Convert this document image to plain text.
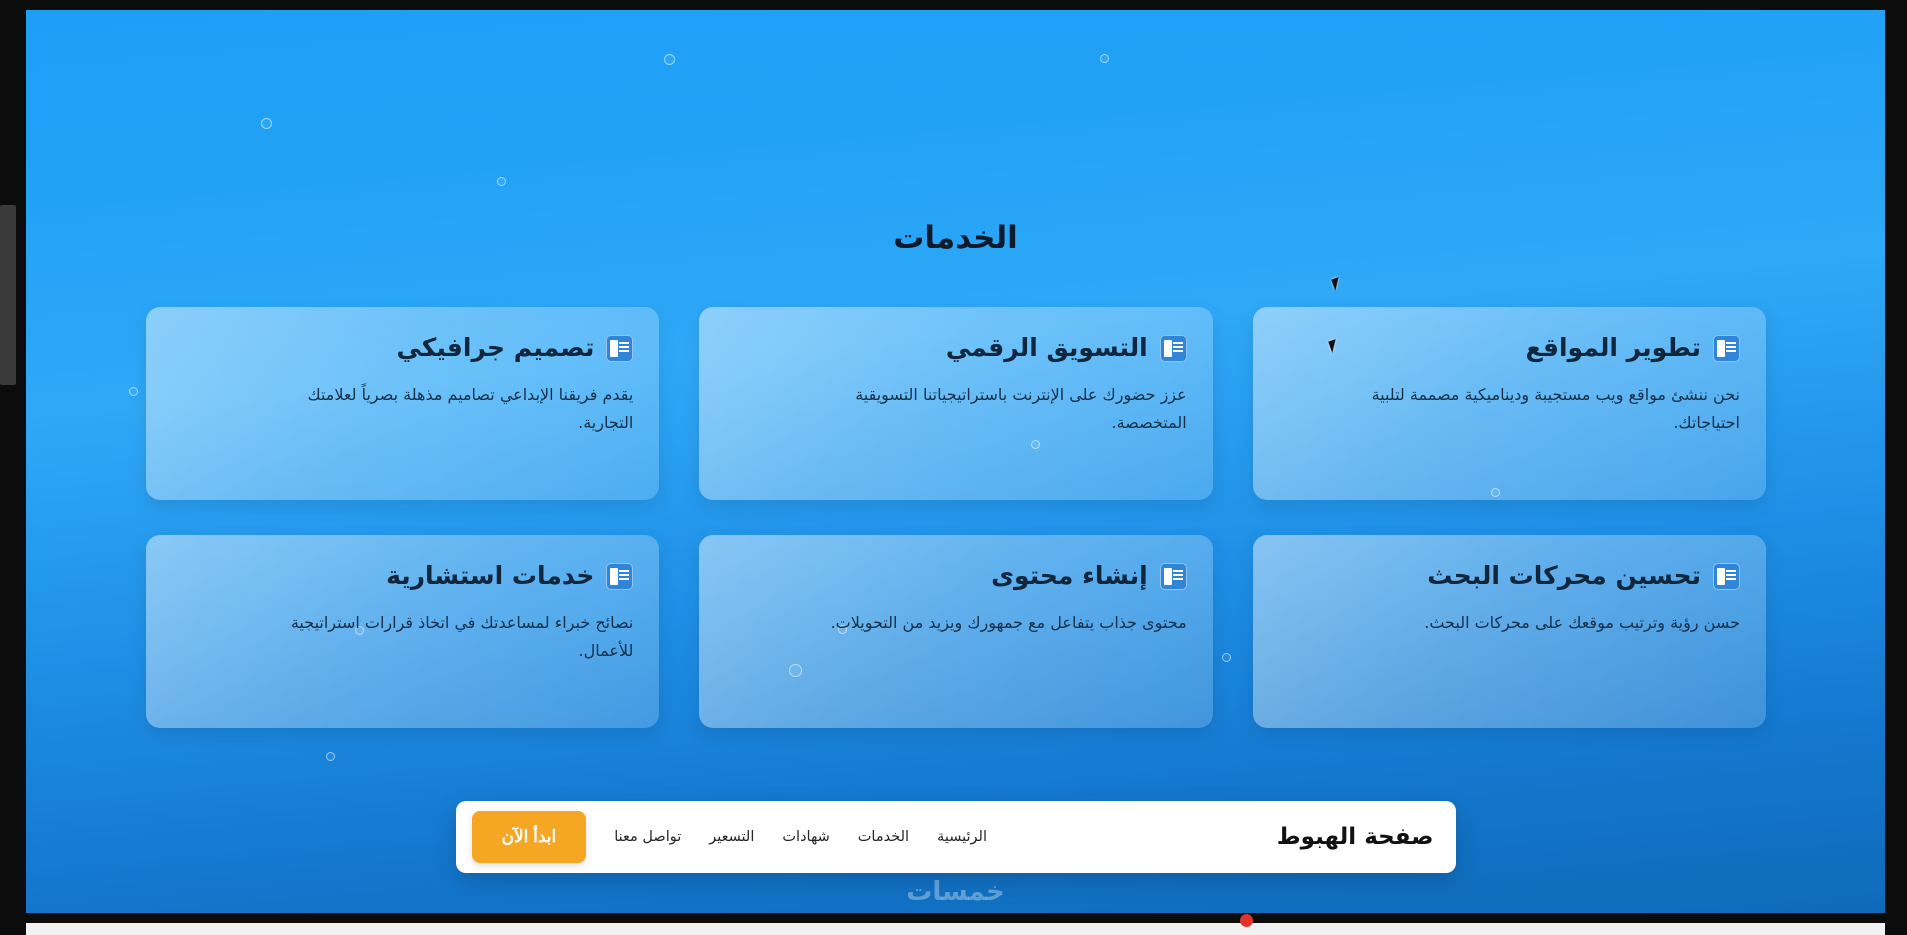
الخدمات
تطوير المواقع

نحن ننشئ مواقع ويب مستجيبة وديناميكية مصممة لتلبية احتياجاتك.

التسويق الرقمي

عزز حضورك على الإنترنت باستراتيجياتنا التسويقية المتخصصة.

تصميم جرافيكي

يقدم فريقنا الإبداعي تصاميم مذهلة بصرياً لعلامتك التجارية.

تحسين محركات البحث

حسن رؤية وترتيب موقعك على محركات البحث.

إنشاء محتوى

محتوى جذاب يتفاعل مع جمهورك ويزيد من التحويلات.

خدمات استشارية

نصائح خبراء لمساعدتك في اتخاذ قرارات استراتيجية للأعمال.

صفحة الهبوط
الرئيسية
الخدمات
شهادات
التسعير
تواصل معنا
ابدأ الآن
خمسات
